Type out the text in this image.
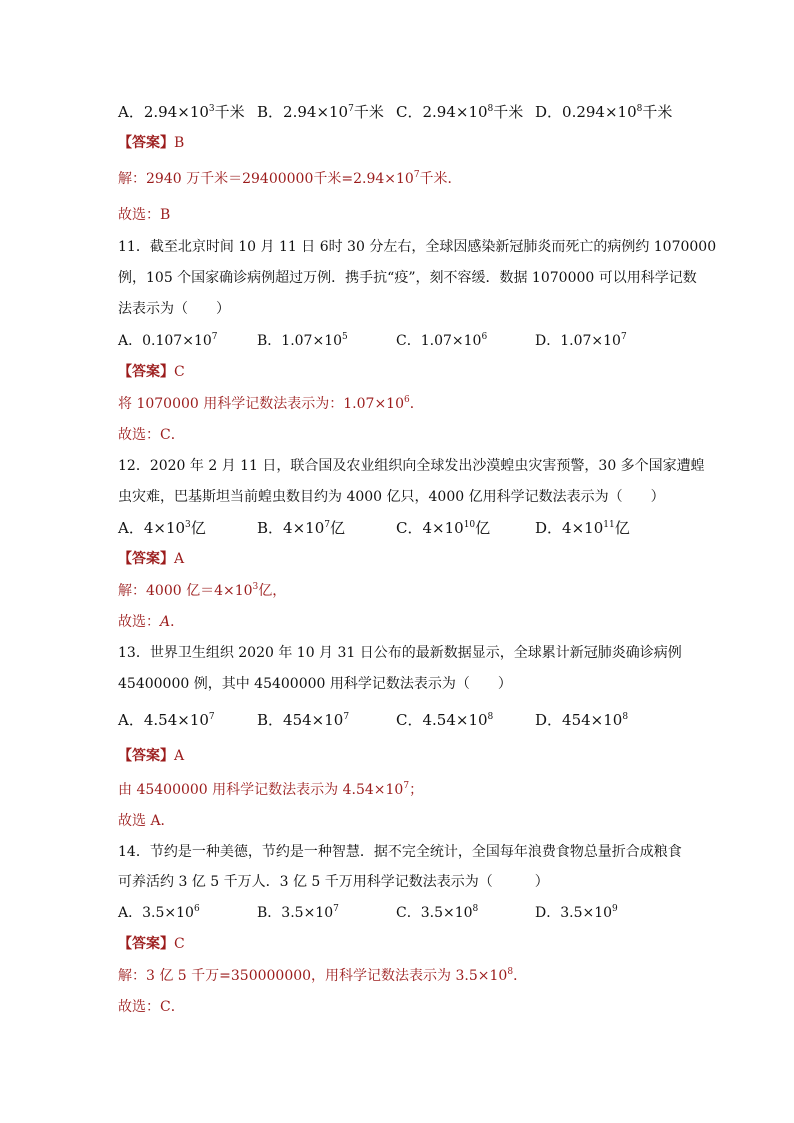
A．$2.94\times 10^3$千米 B．$2.94\times 10^7$千米 C．$2.94\times 10^8$千米 D．$0.294\times 10^8$千米
【答案】B
解：2940 万千米＝29400000千米$=2.94\times 10^7$千米．
故选：B
11．截至北京时间 10 月 11 日 6时 30 分左右，全球因感染新冠肺炎而死亡的病例约 1070000
例，105 个国家确诊病例超过万例．携手抗“疫”，刻不容缓．数据 1070000 可以用科学记数
法表示为（　　）
A．$0.107\times 10^7$	B．$1.07\times 10^5$	C．$1.07\times 10^6$	D．$1.07\times 10^7$
【答案】C
将 1070000 用科学记数法表示为：$1.07\times 10^6$．
故选：C．
12．2020 年 2 月 11 日，联合国及农业组织向全球发出沙漠蝗虫灾害预警，30 多个国家遭蝗
虫灾难，巴基斯坦当前蝗虫数目约为 4000 亿只，4000 亿用科学记数法表示为（　　）
A．$4\times 10^3$亿	B．$4\times 10^7$亿	C．$4\times 10^{10}$亿	D．$4\times 10^{11}$亿
【答案】A
解：4000 亿$=4\times 10^3$亿，
故选：A．
13．世界卫生组织 2020 年 10 月 31 日公布的最新数据显示，全球累计新冠肺炎确诊病例
45400000 例，其中 45400000 用科学记数法表示为（　　）
A．$4.54\times 10^7$	B．$454\times 10^7$	C．$4.54\times 10^8$	D．$454\times 10^8$
【答案】A
由 45400000 用科学记数法表示为 $4.54\times 10^7$；
故选 A．
14．节约是一种美德，节约是一种智慧．据不完全统计，全国每年浪费食物总量折合成粮食
可养活约 3 亿 5 千万人．3 亿 5 千万用科学记数法表示为（　　　）
A．$3.5\times 10^6$	B．$3.5\times 10^7$	C．$3.5\times 10^8$	D．$3.5\times 10^9$
【答案】C
解：3 亿 5 千万=350000000，用科学记数法表示为 $3.5\times 10^8$．
故选：C．
